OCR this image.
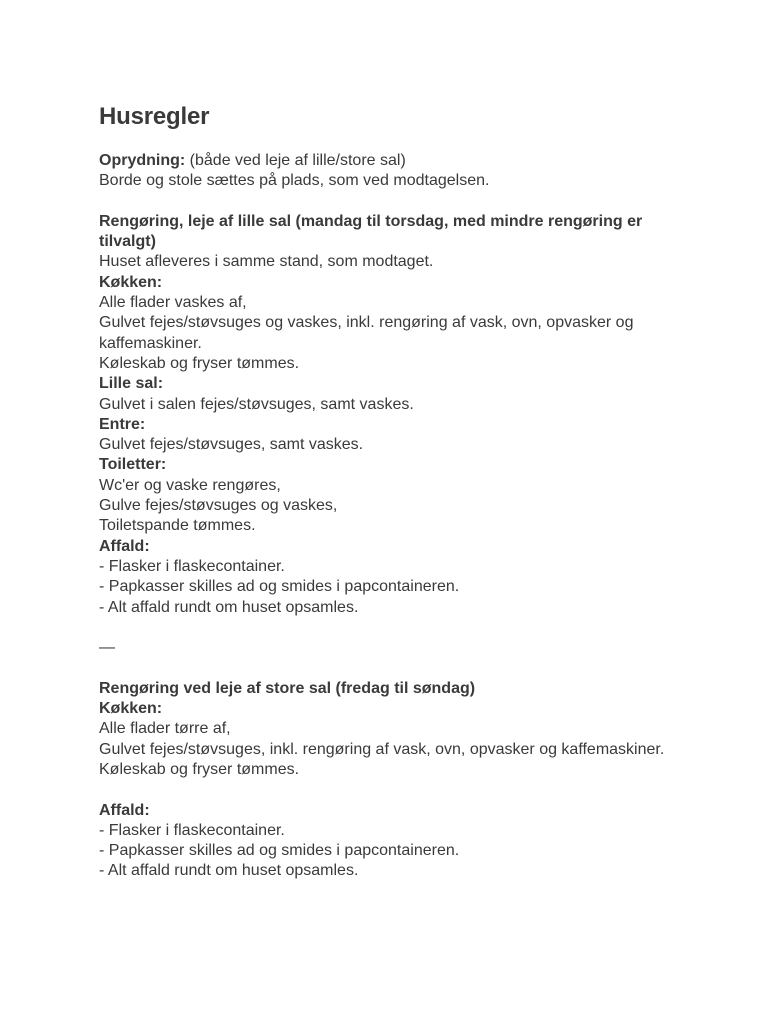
Husregler

Oprydning: (både ved leje af lille/store sal)

Borde og stole sættes på plads, som ved modtagelsen.

Rengøring, leje af lille sal (mandag til torsdag, med mindre rengøring er tilvalgt)

Huset afleveres i samme stand, som modtaget.

Køkken:

Alle flader vaskes af,

Gulvet fejes/støvsuges og vaskes, inkl. rengøring af vask, ovn, opvasker og kaffemaskiner.

Køleskab og fryser tømmes.

Lille sal:

Gulvet i salen fejes/støvsuges, samt vaskes.

Entre:

Gulvet fejes/støvsuges, samt vaskes.

Toiletter:

Wc'er og vaske rengøres,

Gulve fejes/støvsuges og vaskes,

Toiletspande tømmes.

Affald:

- Flasker i flaskecontainer.

- Papkasser skilles ad og smides i papcontaineren.

- Alt affald rundt om huset opsamles.

—

Rengøring ved leje af store sal (fredag til søndag)

Køkken:

Alle flader tørre af,

Gulvet fejes/støvsuges, inkl. rengøring af vask, ovn, opvasker og kaffemaskiner.

Køleskab og fryser tømmes.

Affald:

- Flasker i flaskecontainer.

- Papkasser skilles ad og smides i papcontaineren.

- Alt affald rundt om huset opsamles.
